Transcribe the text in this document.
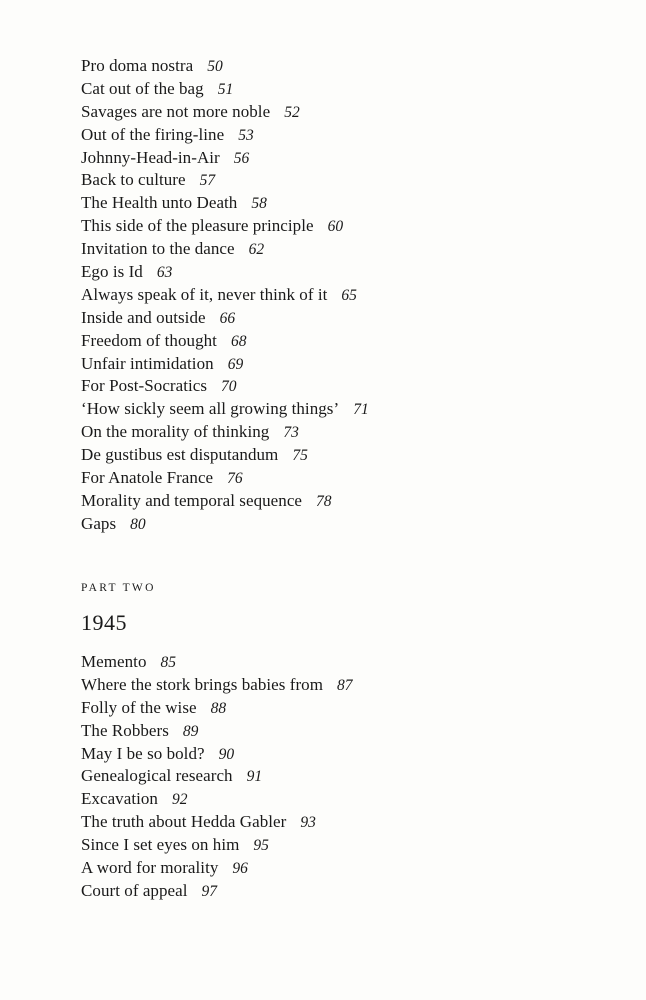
Pro doma nostra 50
Cat out of the bag 51
Savages are not more noble 52
Out of the firing-line 53
Johnny-Head-in-Air 56
Back to culture 57
The Health unto Death 58
This side of the pleasure principle 60
Invitation to the dance 62
Ego is Id 63
Always speak of it, never think of it 65
Inside and outside 66
Freedom of thought 68
Unfair intimidation 69
For Post-Socratics 70
‘How sickly seem all growing things’ 71
On the morality of thinking 73
De gustibus est disputandum 75
For Anatole France 76
Morality and temporal sequence 78
Gaps 80
PART TWO
1945
Memento 85
Where the stork brings babies from 87
Folly of the wise 88
The Robbers 89
May I be so bold? 90
Genealogical research 91
Excavation 92
The truth about Hedda Gabler 93
Since I set eyes on him 95
A word for morality 96
Court of appeal 97
